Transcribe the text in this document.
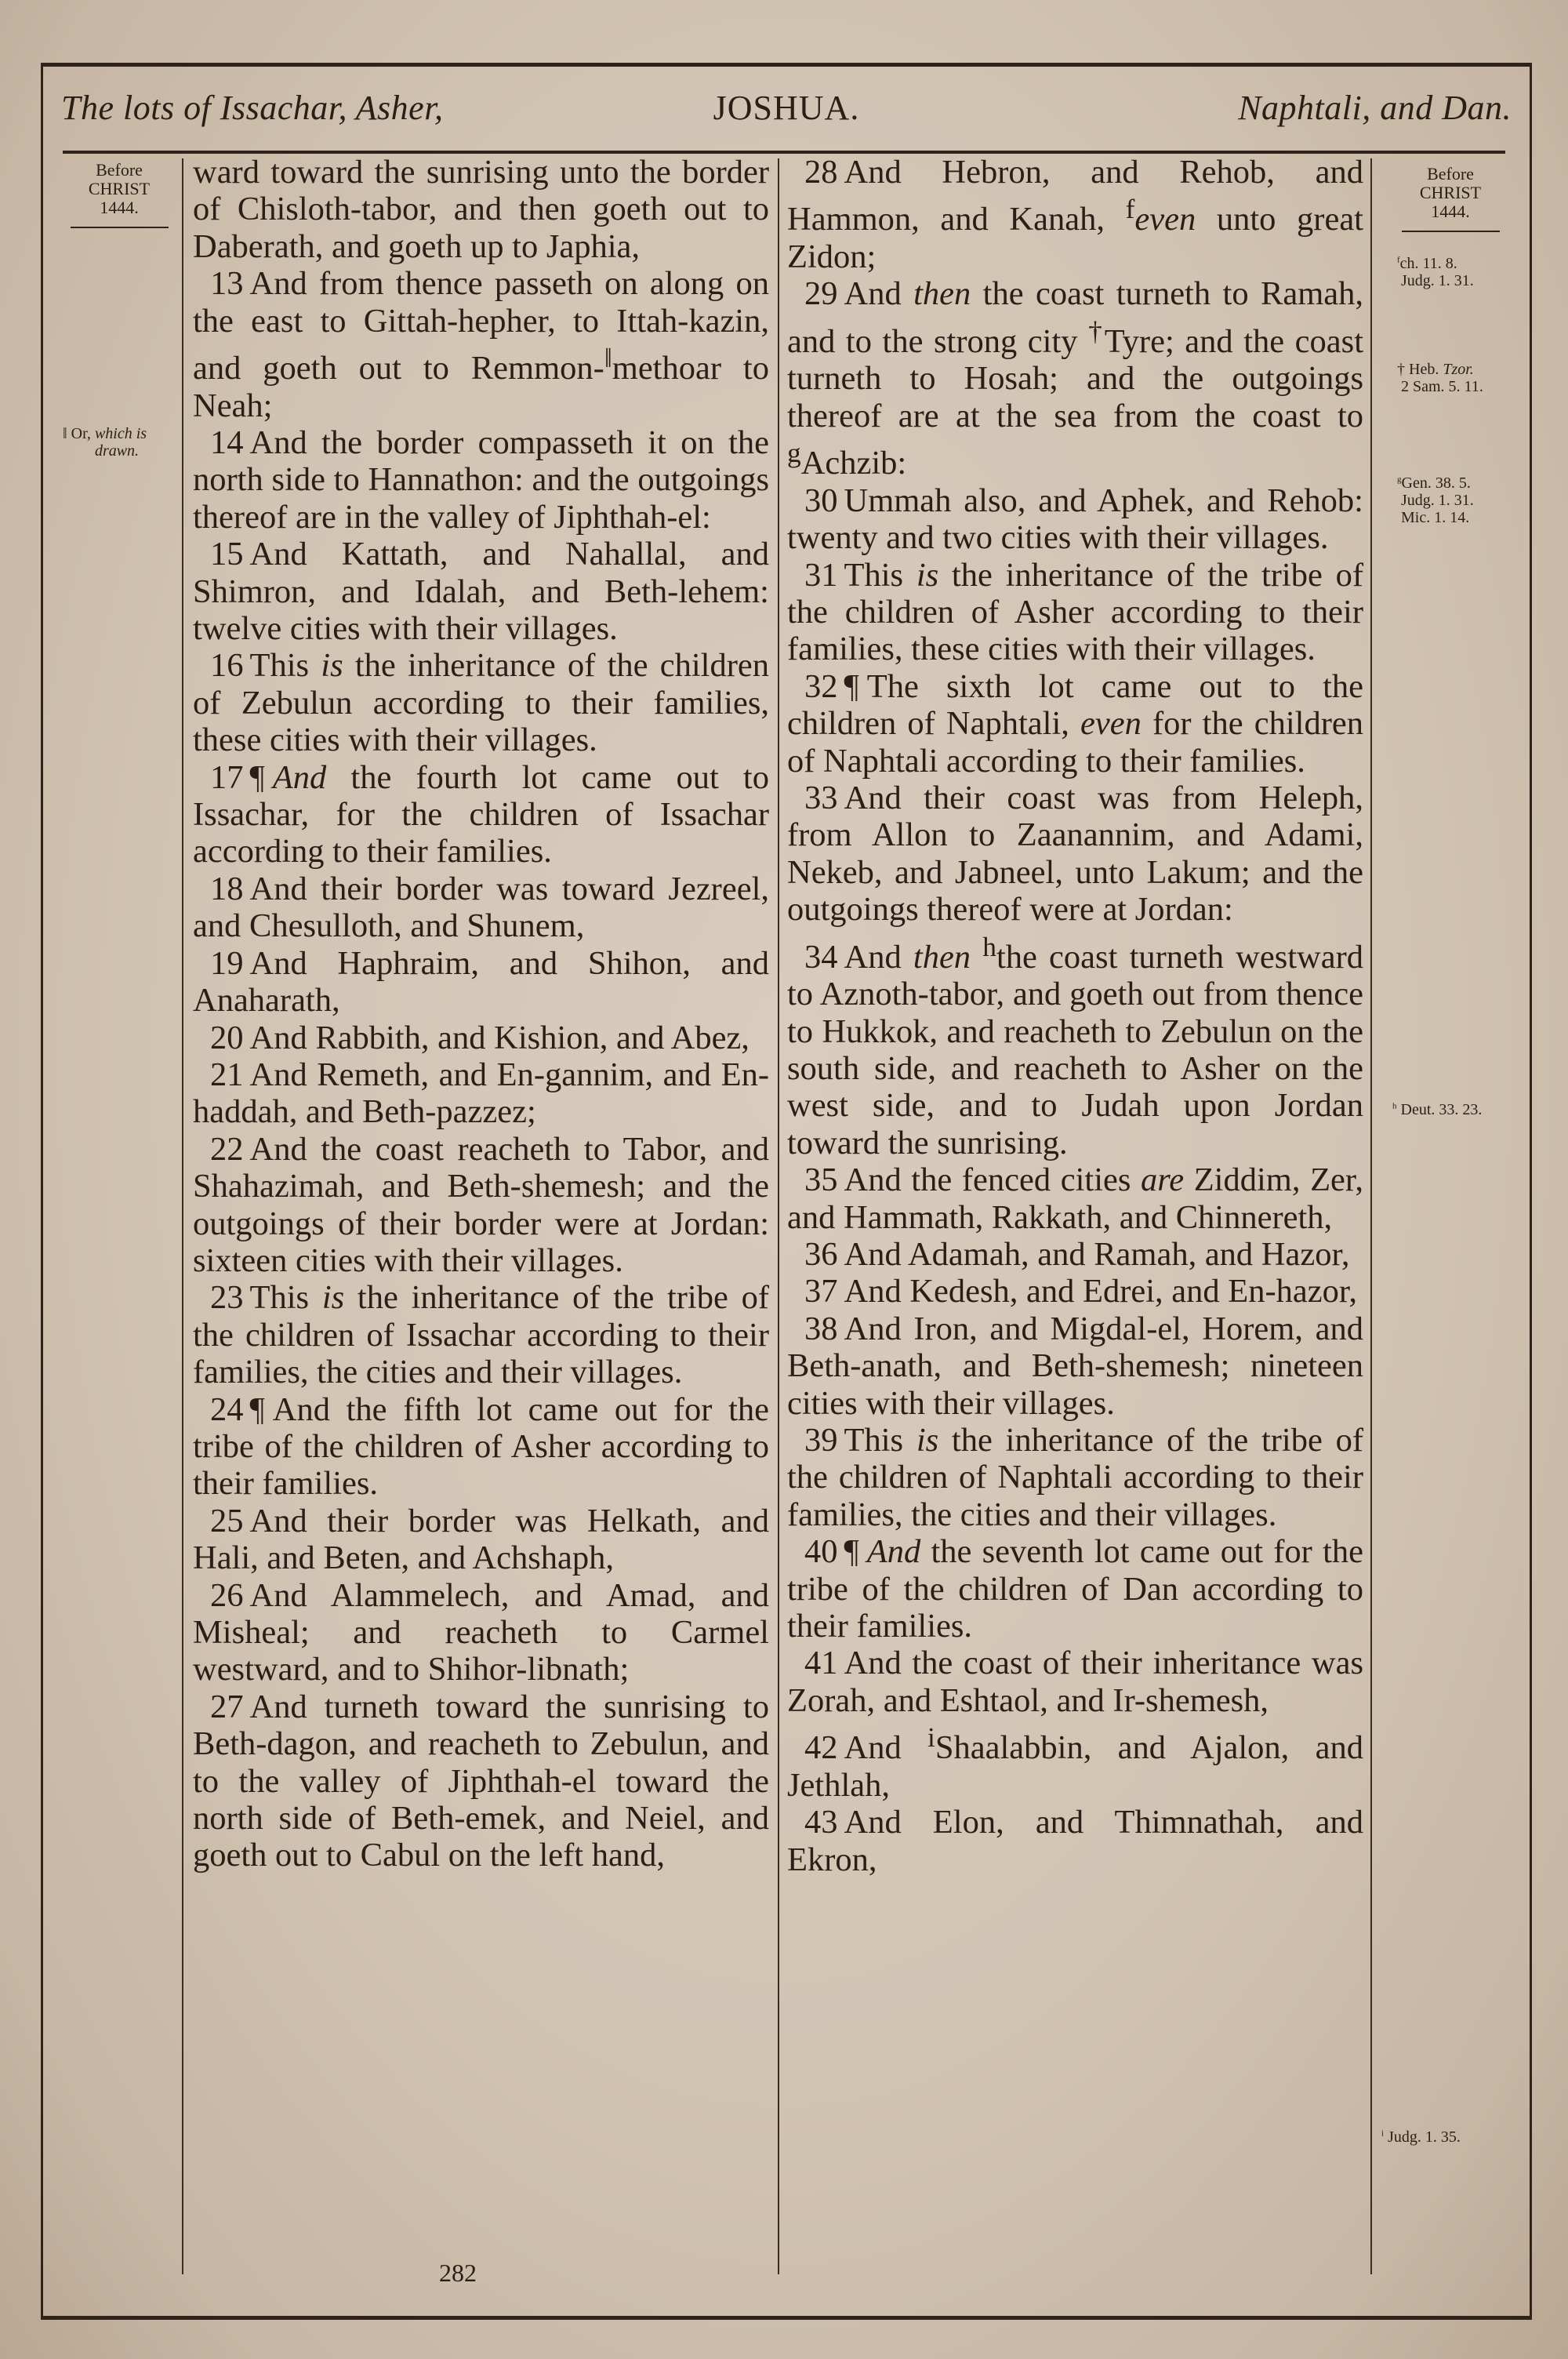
The lots of Issachar, Asher,	JOSHUA.	Naphtali, and Dan.
Before
CHRIST
1444.
‖ Or, which is drawn.
Before
CHRIST
1444.
$^f$ch. 11. 8.
Judg. 1. 31.
† Heb. Tzor.
2 Sam. 5. 11.
$^g$Gen. 38. 5.
Judg. 1. 31.
Mic. 1. 14.
$^h$ Deut. 33. 23.
$^i$ Judg. 1. 35.

ward toward the sunrising unto the border of Chisloth-tabor, and then goeth out to Daberath, and goeth up to Japhia,

13 And from thence passeth on along on the east to Gittah-hepher, to Ittah-kazin, and goeth out to Remmon-‖methoar to Neah;

14 And the border compasseth it on the north side to Hannathon: and the outgoings thereof are in the valley of Jiphthah-el:

15 And Kattath, and Nahallal, and Shimron, and Idalah, and Beth-lehem: twelve cities with their villages.

16 This is the inheritance of the children of Zebulun according to their families, these cities with their villages.

17 ¶ And the fourth lot came out to Issachar, for the children of Issachar according to their families.

18 And their border was toward Jezreel, and Chesulloth, and Shunem,

19 And Haphraim, and Shihon, and Anaharath,

20 And Rabbith, and Kishion, and Abez,

21 And Remeth, and En-gannim, and En-haddah, and Beth-pazzez;

22 And the coast reacheth to Tabor, and Shahazimah, and Beth-shemesh; and the outgoings of their border were at Jordan: sixteen cities with their villages.

23 This is the inheritance of the tribe of the children of Issachar according to their families, the cities and their villages.

24 ¶ And the fifth lot came out for the tribe of the children of Asher according to their families.

25 And their border was Helkath, and Hali, and Beten, and Achshaph,

26 And Alammelech, and Amad, and Misheal; and reacheth to Carmel westward, and to Shihor-libnath;

27 And turneth toward the sunrising to Beth-dagon, and reacheth to Zebulun, and to the valley of Jiphthah-el toward the north side of Beth-emek, and Neiel, and goeth out to Cabul on the left hand,

28 And Hebron, and Rehob, and Hammon, and Kanah, $^f$even unto great Zidon;

29 And then the coast turneth to Ramah, and to the strong city †Tyre; and the coast turneth to Hosah; and the outgoings thereof are at the sea from the coast to $^g$Achzib:

30 Ummah also, and Aphek, and Rehob: twenty and two cities with their villages.

31 This is the inheritance of the tribe of the children of Asher according to their families, these cities with their villages.

32 ¶ The sixth lot came out to the children of Naphtali, even for the children of Naphtali according to their families.

33 And their coast was from Heleph, from Allon to Zaanannim, and Adami, Nekeb, and Jabneel, unto Lakum; and the outgoings thereof were at Jordan:

34 And then $^h$the coast turneth westward to Aznoth-tabor, and goeth out from thence to Hukkok, and reacheth to Zebulun on the south side, and reacheth to Asher on the west side, and to Judah upon Jordan toward the sunrising.

35 And the fenced cities are Ziddim, Zer, and Hammath, Rakkath, and Chinnereth,

36 And Adamah, and Ramah, and Hazor,

37 And Kedesh, and Edrei, and En-hazor,

38 And Iron, and Migdal-el, Horem, and Beth-anath, and Beth-shemesh; nineteen cities with their villages.

39 This is the inheritance of the tribe of the children of Naphtali according to their families, the cities and their villages.

40 ¶ And the seventh lot came out for the tribe of the children of Dan according to their families.

41 And the coast of their inheritance was Zorah, and Eshtaol, and Ir-shemesh,

42 And $^i$Shaalabbin, and Ajalon, and Jethlah,

43 And Elon, and Thimnathah, and Ekron,

282
